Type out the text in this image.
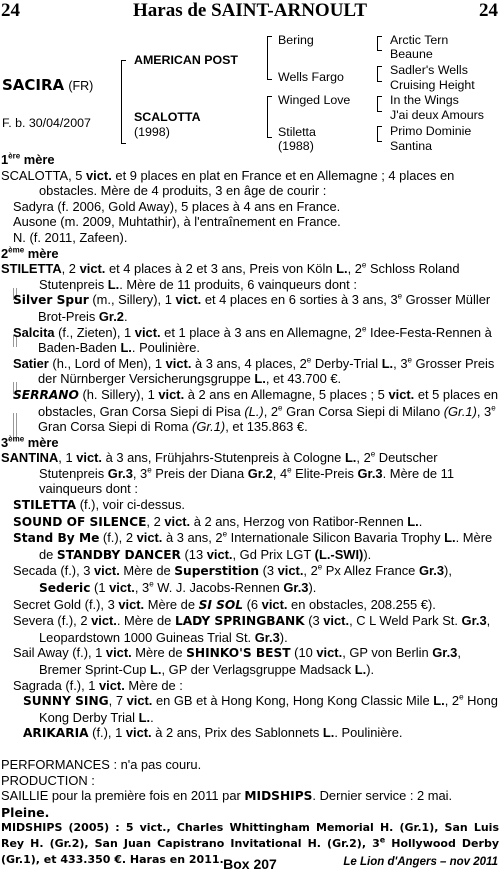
24	Haras de SAINT-ARNOULT	24
SACIRA (FR)
F. b. 30/04/2007
AMERICAN POST
SCALOTTA
(1998)
Bering
Wells Fargo
Winged Love
Stiletta
(1988)
Arctic Tern
Beaune
Sadler's Wells
Cruising Height
In the Wings
J'ai deux Amours
Primo Dominie
Santina

1ère mère

SCALOTTA, 5 vict. et 9 places en plat en France et en Allemagne ; 4 places en obstacles. Mère de 4 produits, 3 en âge de courir :

Sadyra (f. 2006, Gold Away), 5 places à 4 ans en France.

Ausone (m. 2009, Muhtathir), à l'entraînement en France.

N. (f. 2011, Zafeen).

2ème mère

STILETTA, 2 vict. et 4 places à 2 et 3 ans, Preis von Köln L., 2e Schloss Roland Stutenpreis L.. Mère de 11 produits, 6 vainqueurs dont :

Silver Spur (m., Sillery), 1 vict. et 4 places en 6 sorties à 3 ans, 3e Grosser Müller Brot-Preis Gr.2.

Salcita (f., Zieten), 1 vict. et 1 place à 3 ans en Allemagne, 2e Idee-Festa-Rennen à Baden-Baden L.. Poulinière.

Satier (h., Lord of Men), 1 vict. à 3 ans, 4 places, 2e Derby-Trial L., 3e Grosser Preis der Nürnberger Versicherungsgruppe L., et 43.700 €.

SERRANO (h. Sillery), 1 vict. à 2 ans en Allemagne, 5 places ; 5 vict. et 5 places en obstacles, Gran Corsa Siepi di Pisa (L.), 2e Gran Corsa Siepi di Milano (Gr.1), 3e Gran Corsa Siepi di Roma (Gr.1), et 135.863 €.

3ème mère

SANTINA, 1 vict. à 3 ans, Frühjahrs-Stutenpreis à Cologne L., 2e Deutscher Stutenpreis Gr.3, 3e Preis der Diana Gr.2, 4e Elite-Preis Gr.3. Mère de 11 vainqueurs dont :

STILETTA (f.), voir ci-dessus.

SOUND OF SILENCE, 2 vict. à 2 ans, Herzog von Ratibor-Rennen L..

Stand By Me (f.), 2 vict. à 3 ans, 2e Internationale Silicon Bavaria Trophy L.. Mère de STANDBY DANCER (13 vict., Gd Prix LGT (L.-SWI)).

Secada (f.), 3 vict. Mère de Superstition (3 vict., 2e Px Allez France Gr.3), Sederic (1 vict., 3e W. J. Jacobs-Rennen Gr.3).

Secret Gold (f.), 3 vict. Mère de SI SOL (6 vict. en obstacles, 208.255 €).

Severa (f.), 2 vict.. Mère de LADY SPRINGBANK (3 vict., C L Weld Park St. Gr.3, Leopardstown 1000 Guineas Trial St. Gr.3).

Sail Away (f.), 1 vict. Mère de SHINKO'S BEST (10 vict., GP von Berlin Gr.3, Bremer Sprint-Cup L., GP der Verlagsgruppe Madsack L.).

Sagrada (f.), 1 vict. Mère de :

SUNNY SING, 7 vict. en GB et à Hong Kong, Hong Kong Classic Mile L., 2e Hong Kong Derby Trial L..

ARIKARIA (f.), 1 vict. à 2 ans, Prix des Sablonnets L.. Poulinière.

PERFORMANCES : n'a pas couru.

PRODUCTION :

SAILLIE pour la première fois en 2011 par MIDSHIPS. Dernier service : 2 mai.

Pleine.

MIDSHIPS (2005) : 5 vict., Charles Whittingham Memorial H. (Gr.1), San Luis Rey H. (Gr.2), San Juan Capistrano Invitational H. (Gr.2), 3e Hollywood Derby (Gr.1), et 433.350 €. Haras en 2011. Box 207	Le Lion d'Angers – nov 2011
